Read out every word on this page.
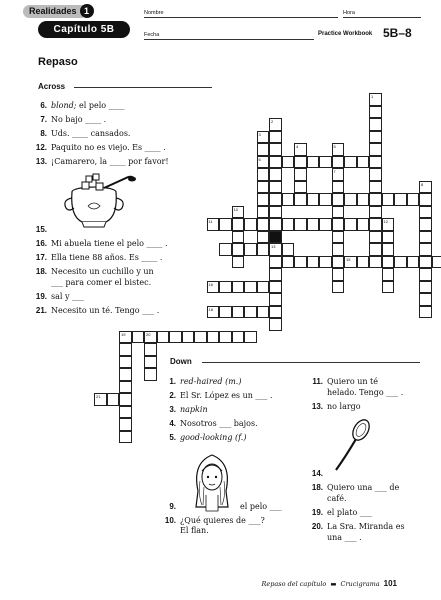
Realidades 1
Capítulo 5B
Nombre	Hora
Fecha	Practice Workbook 5B–8
Repaso
Across
6. blond; el pelo ____
7. No bajo ____ .
8. Uds. ____ cansados.
12. Paquito no es viejo. Es ____ .
13. ¡Camarero, la ____ por favor!
15.
16. Mi abuela tiene el pelo ____ .
17. Ella tiene 88 años. Es ____ .
18. Necesito un cuchillo y un
___ para comer el bistec.
19. sal y ___
21. Necesito un té. Tengo ___ .
1
2
13
3
6
4	5
7
8
10
12
19	20
21
11
15
16
18
Down
1. red-haired (m.)
2. El Sr. López es un ___ .
3. napkin
4. Nosotros ___ bajos.
5. good-looking (f.)
9.	el pelo ___
10. ¿Qué quieres de ___?
El flan.
11. Quiero un té
helado. Tengo ___ .
13. no largo
14.
18. Quiero una ___ de
café.
19. el plato ___
20. La Sra. Miranda es
una ___ .
Repaso del capítulo ▬ Crucigrama 101
